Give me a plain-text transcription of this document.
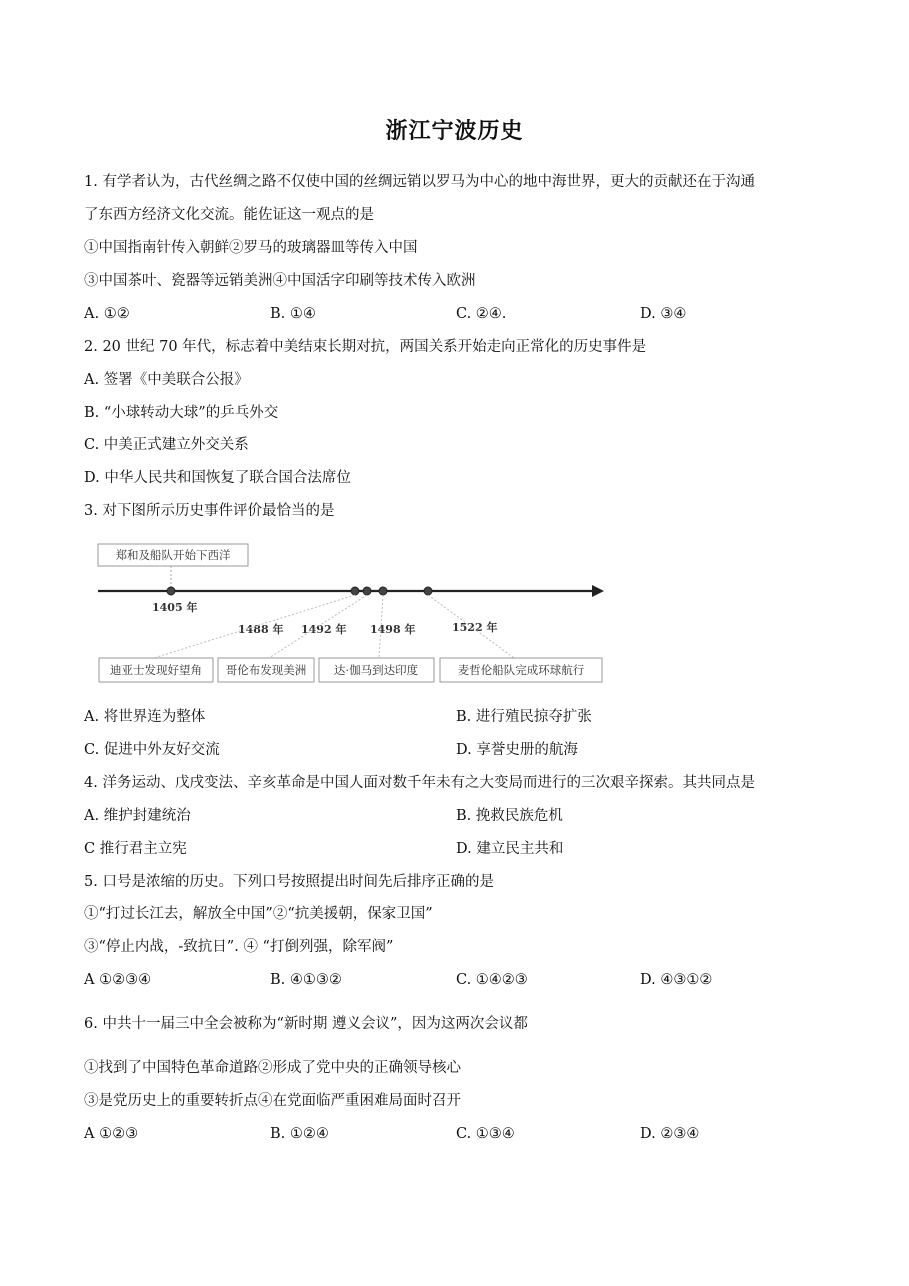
浙江宁波历史
1. 有学者认为，古代丝绸之路不仅使中国的丝绸远销以罗马为中心的地中海世界，更大的贡献还在于沟通
了东西方经济文化交流。能佐证这一观点的是
①中国指南针传入朝鲜②罗马的玻璃器皿等传入中国
③中国茶叶、瓷器等远销美洲④中国活字印刷等技术传入欧洲
A. ①②	B. ①④	C. ②④.	D. ③④
2. 20 世纪 70 年代，标志着中美结束长期对抗，两国关系开始走向正常化的历史事件是
A. 签署《中美联合公报》
B. “小球转动大球”的乒乓外交
C. 中美正式建立外交关系
D. 中华人民共和国恢复了联合国合法席位
3. 对下图所示历史事件评价最恰当的是
郑和及船队开始下西洋
1405 年
1488 年 1492 年 1498 年	1522 年
迪亚士发现好望角 哥伦布发现美洲 达·伽马到达印度	麦哲伦船队完成环球航行
A. 将世界连为整体	B. 进行殖民掠夺扩张
C. 促进中外友好交流	D. 享誉史册的航海
4. 洋务运动、戊戌变法、辛亥革命是中国人面对数千年未有之大变局而进行的三次艰辛探索。其共同点是
A. 维护封建统治	B. 挽救民族危机
C 推行君主立宪	D. 建立民主共和
5. 口号是浓缩的历史。下列口号按照提出时间先后排序正确的是
①“打过长江去，解放全中国”②“抗美援朝，保家卫国”
③“停止内战，-致抗日”. ④ “打倒列强，除军阀”
A ①②③④	B. ④①③②	C. ①④②③	D. ④③①②
6. 中共十一届三中全会被称为“新时期 遵义会议”，因为这两次会议都
①找到了中国特色革命道路②形成了党中央的正确领导核心
③是党历史上的重要转折点④在党面临严重困难局面时召开
A ①②③	B. ①②④	C. ①③④	D. ②③④
